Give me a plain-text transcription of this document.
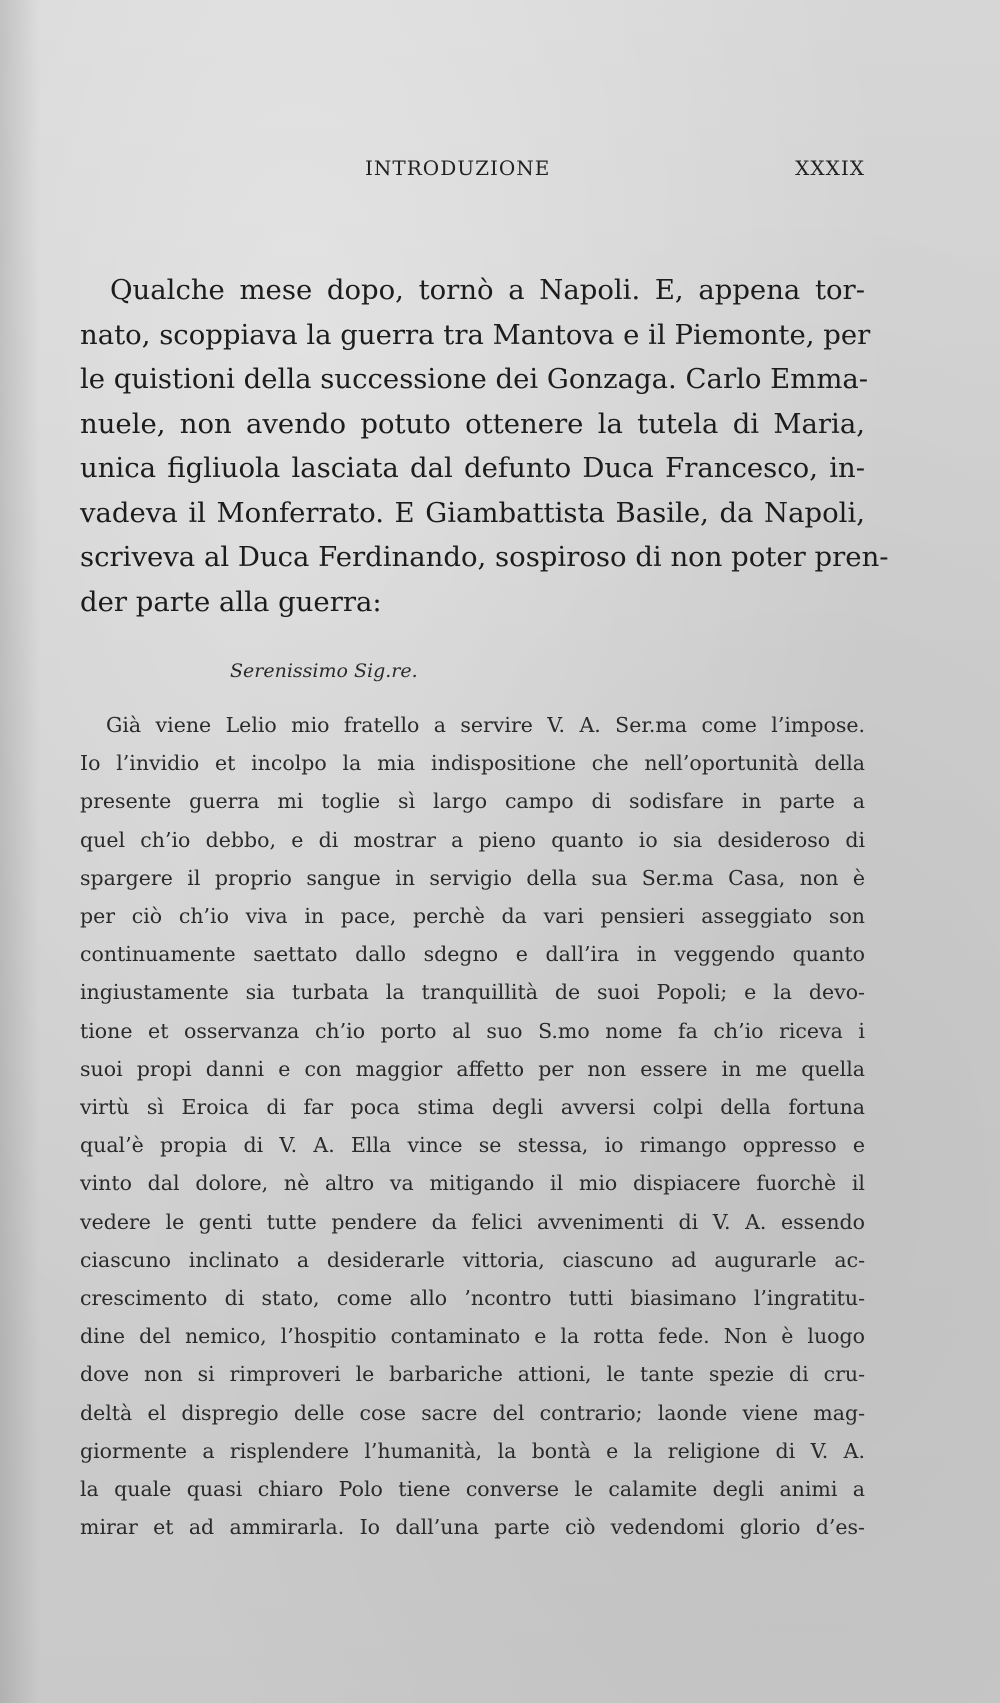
INTRODUZIONE	XXXIX

Qualche mese dopo, tornò a Napoli. E, appena tor-
nato, scoppiava la guerra tra Mantova e il Piemonte, per
le quistioni della successione dei Gonzaga. Carlo Emma-
nuele, non avendo potuto ottenere la tutela di Maria,
unica figliuola lasciata dal defunto Duca Francesco, in-
vadeva il Monferrato. E Giambattista Basile, da Napoli,
scriveva al Duca Ferdinando, sospiroso di non poter pren-
der parte alla guerra:

Serenissimo Sig.re.

Già viene Lelio mio fratello a servire V. A. Ser.ma come l’impose.
Io l’invidio et incolpo la mia indispositione che nell’oportunità della
presente guerra mi toglie sì largo campo di sodisfare in parte a
quel ch’io debbo, e di mostrar a pieno quanto io sia desideroso di
spargere il proprio sangue in servigio della sua Ser.ma Casa, non è
per ciò ch’io viva in pace, perchè da vari pensieri asseggiato son
continuamente saettato dallo sdegno e dall’ira in veggendo quanto
ingiustamente sia turbata la tranquillità de suoi Popoli; e la devo-
tione et osservanza ch’io porto al suo S.mo nome fa ch’io riceva i
suoi propi danni e con maggior affetto per non essere in me quella
virtù sì Eroica di far poca stima degli avversi colpi della fortuna
qual’è propia di V. A. Ella vince se stessa, io rimango oppresso e
vinto dal dolore, nè altro va mitigando il mio dispiacere fuorchè il
vedere le genti tutte pendere da felici avvenimenti di V. A. essendo
ciascuno inclinato a desiderarle vittoria, ciascuno ad augurarle ac-
crescimento di stato, come allo ’ncontro tutti biasimano l’ingratitu-
dine del nemico, l’hospitio contaminato e la rotta fede. Non è luogo
dove non si rimproveri le barbariche attioni, le tante spezie di cru-
deltà el dispregio delle cose sacre del contrario; laonde viene mag-
giormente a risplendere l’humanità, la bontà e la religione di V. A.
la quale quasi chiaro Polo tiene converse le calamite degli animi a
mirar et ad ammirarla. Io dall’una parte ciò vedendomi glorio d’es-
